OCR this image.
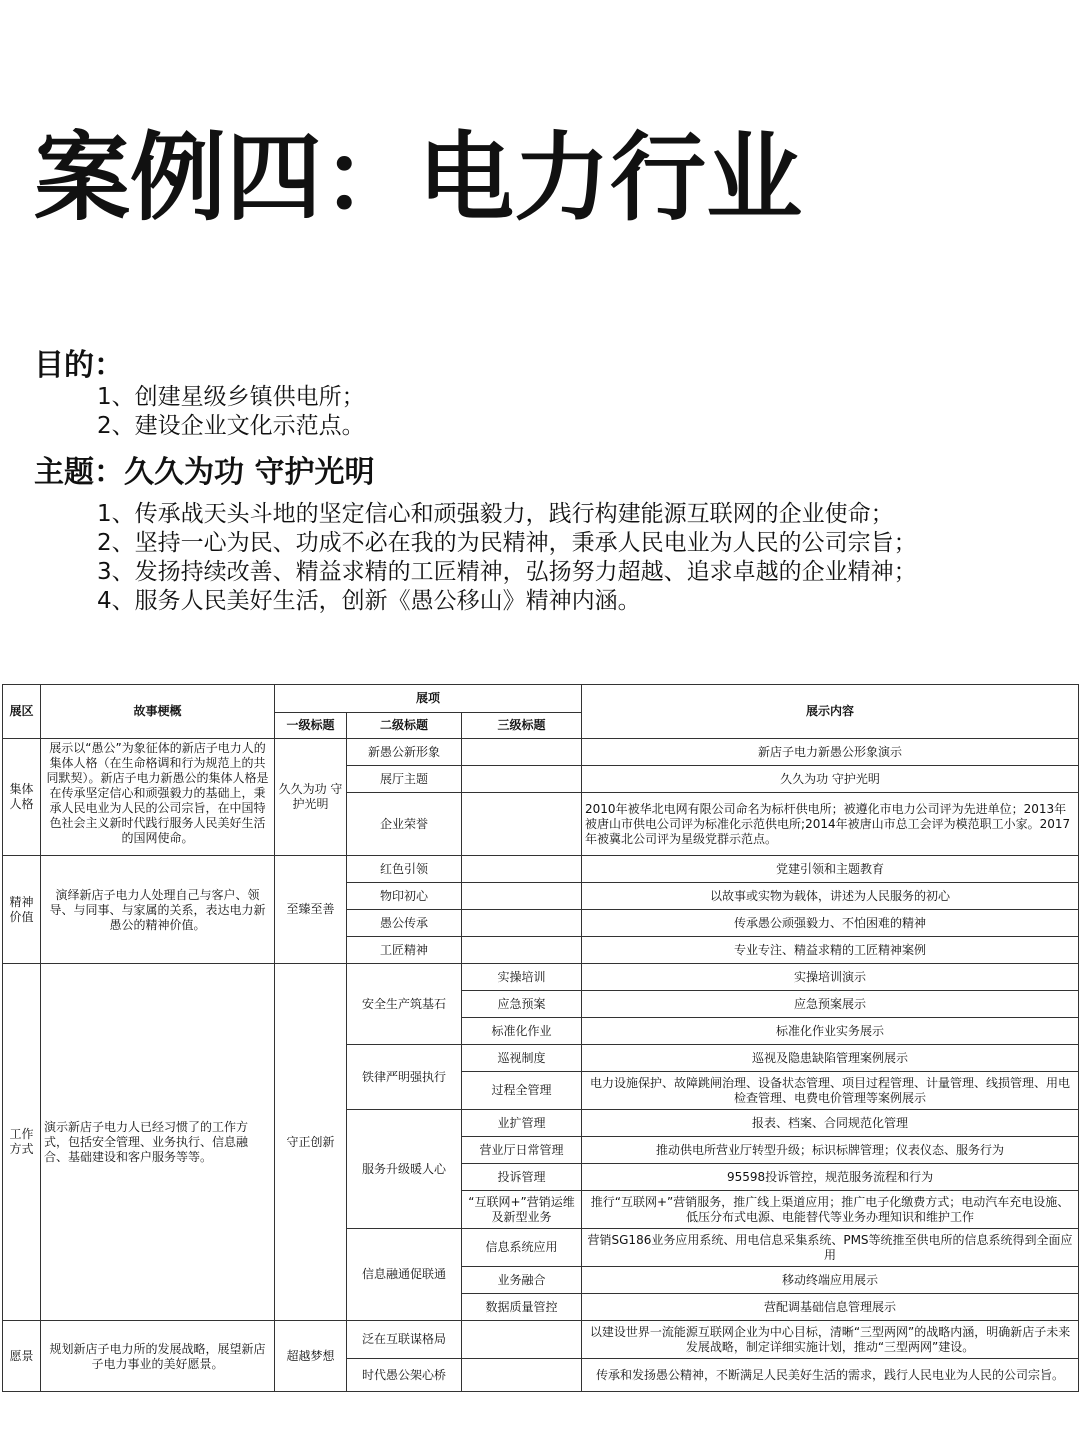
案例四：电力行业
目的：
1、创建星级乡镇供电所；
2、建设企业文化示范点。
主题：久久为功 守护光明
1、传承战天头斗地的坚定信心和顽强毅力，践行构建能源互联网的企业使命；
2、坚持一心为民、功成不必在我的为民精神，秉承人民电业为人民的公司宗旨；
3、发扬持续改善、精益求精的工匠精神，弘扬努力超越、追求卓越的企业精神；
4、服务人民美好生活，创新《愚公移山》精神内涵。
展区	故事梗概	展项			展示内容
		一级标题	二级标题	三级标题	
集体人格	展示以“愚公”为象征体的新店子电力人的集体人格（在生命格调和行为规范上的共同默契）。新店子电力新愚公的集体人格是在传承坚定信心和顽强毅力的基础上，秉承人民电业为人民的公司宗旨，在中国特色社会主义新时代践行服务人民美好生活的国网使命。	久久为功 守护光明	新愚公新形象		新店子电力新愚公形象演示
			展厅主题		久久为功 守护光明
			企业荣誉		2010年被华北电网有限公司命名为标杆供电所；被遵化市电力公司评为先进单位；2013年被唐山市供电公司评为标准化示范供电所;2014年被唐山市总工会评为模范职工小家。2017年被冀北公司评为星级党群示范点。
精神价值	演绎新店子电力人处理自己与客户、领导、与同事、与家属的关系，表达电力新愚公的精神价值。	至臻至善	红色引领		党建引领和主题教育
			物印初心		以故事或实物为载体，讲述为人民服务的初心
			愚公传承		传承愚公顽强毅力、不怕困难的精神
			工匠精神		专业专注、精益求精的工匠精神案例
工作方式	演示新店子电力人已经习惯了的工作方式，包括安全管理、业务执行、信息融合、基础建设和客户服务等等。	守正创新	安全生产筑基石	实操培训	实操培训演示
				应急预案	应急预案展示
				标准化作业	标准化作业实务展示
			铁律严明强执行	巡视制度	巡视及隐患缺陷管理案例展示
				过程全管理	电力设施保护、故障跳闸治理、设备状态管理、项目过程管理、计量管理、线损管理、用电检查管理、电费电价管理等案例展示
			服务升级暖人心	业扩管理	报表、档案、合同规范化管理
				营业厅日常管理	推动供电所营业厅转型升级；标识标牌管理；仪表仪态、服务行为
				投诉管理	95598投诉管控，规范服务流程和行为
				“互联网+”营销运维及新型业务	推行“互联网+”营销服务，推广线上渠道应用；推广电子化缴费方式；电动汽车充电设施、低压分布式电源、电能替代等业务办理知识和维护工作
			信息融通促联通	信息系统应用	营销SG186业务应用系统、用电信息采集系统、PMS等统推至供电所的信息系统得到全面应用
				业务融合	移动终端应用展示
				数据质量管控	营配调基础信息管理展示
愿景	规划新店子电力所的发展战略，展望新店子电力事业的美好愿景。	超越梦想	泛在互联谋格局		以建设世界一流能源互联网企业为中心目标，清晰“三型两网”的战略内涵，明确新店子未来发展战略，制定详细实施计划，推动“三型两网”建设。
			时代愚公架心桥		传承和发扬愚公精神，不断满足人民美好生活的需求，践行人民电业为人民的公司宗旨。
